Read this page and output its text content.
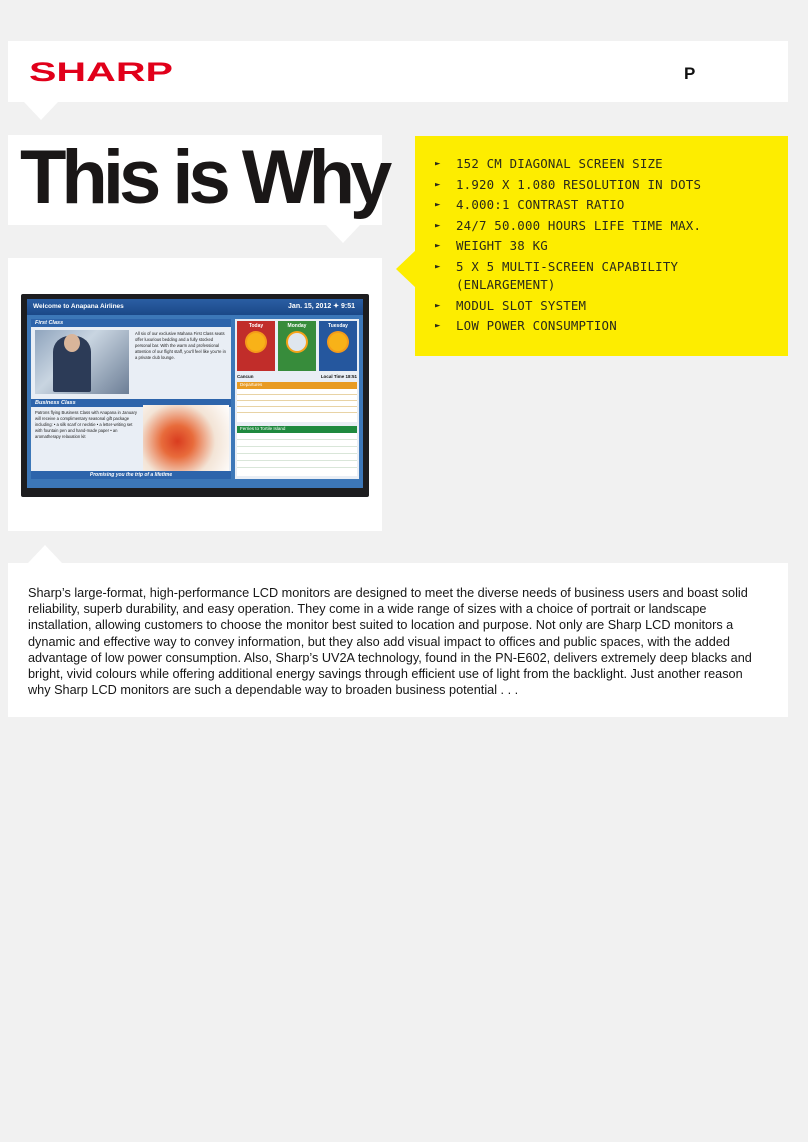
SHARP	P
This is Why	► 152 CM DIAGONAL SCREEN SIZE
► 1.920 X 1.080 RESOLUTION IN DOTS
► 4.000:1 CONTRAST RATIO
► 24/7 50.000 HOURS LIFE TIME MAX.
► WEIGHT 38 KG
► 5 X 5 MULTI-SCREEN CAPABILITY (ENLARGEMENT)
► MODUL SLOT SYSTEM
► LOW POWER CONSUMPTION
Welcome to Anapana Airlines	Jan. 15, 2012 ✦ 9:51
First Class
All six of our exclusive Mahana First Class seats offer luxurious bedding and a fully stocked personal bar. With the warm and professional attention of our flight staff, you'll feel like you're in a private club lounge.
Business Class
Patrons flying Business Class with Anapana in January will receive a complimentary seasonal gift package including: • a silk scarf or necktie • a letter-writing set with fountain pen and hand-made paper • an aromatherapy relaxation kit
Promising you the trip of a lifetime
Today	Monday	Tuesday
Cancun	Local Time 18:51
Departures
Ferries to Tortile Island

Sharp’s large-format, high-performance LCD monitors are designed to meet the diverse needs of business users and boast solid reliability, superb durability, and easy operation. They come in a wide range of sizes with a choice of portrait or landscape installation, allowing customers to choose the monitor best suited to location and purpose. Not only are Sharp LCD monitors a dynamic and effective way to convey information, but they also add visual impact to offices and public spaces, with the added advantage of low power consumption. Also, Sharp’s UV2A technology, found in the PN-E602, delivers extremely deep blacks and bright, vivid colours while offering additional energy savings through efficient use of light from the backlight. Just another reason why Sharp LCD monitors are such a dependable way to broaden business potential . . .
